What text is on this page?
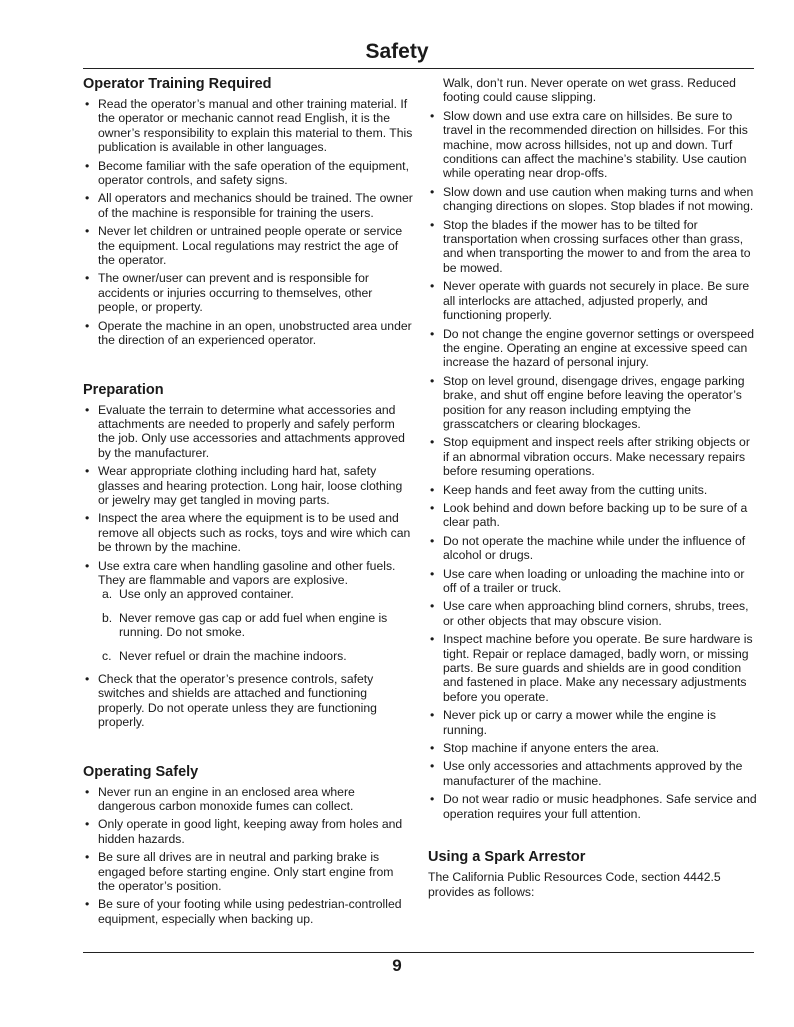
Safety
Operator Training Required
• Read the operator’s manual and other training material. If the operator or mechanic cannot read English, it is the owner’s responsibility to explain this material to them. This publication is available in other languages.
• Become familiar with the safe operation of the equipment, operator controls, and safety signs.
• All operators and mechanics should be trained. The owner of the machine is responsible for training the users.
• Never let children or untrained people operate or service the equipment. Local regulations may restrict the age of the operator.
• The owner/user can prevent and is responsible for accidents or injuries occurring to themselves, other people, or property.
• Operate the machine in an open, unobstructed area under the direction of an experienced operator.
Preparation
• Evaluate the terrain to determine what accessories and attachments are needed to properly and safely perform the job. Only use accessories and attachments approved by the manufacturer.
• Wear appropriate clothing including hard hat, safety glasses and hearing protection. Long hair, loose clothing or jewelry may get tangled in moving parts.
• Inspect the area where the equipment is to be used and remove all objects such as rocks, toys and wire which can be thrown by the machine.
• Use extra care when handling gasoline and other fuels. They are flammable and vapors are explosive.
a. Use only an approved container.
b. Never remove gas cap or add fuel when engine is running. Do not smoke.
c. Never refuel or drain the machine indoors.
• Check that the operator’s presence controls, safety switches and shields are attached and functioning properly. Do not operate unless they are functioning properly.
Operating Safely
• Never run an engine in an enclosed area where dangerous carbon monoxide fumes can collect.
• Only operate in good light, keeping away from holes and hidden hazards.
• Be sure all drives are in neutral and parking brake is engaged before starting engine. Only start engine from the operator’s position.
• Be sure of your footing while using pedestrian-controlled equipment, especially when backing up.

Walk, don’t run. Never operate on wet grass. Reduced footing could cause slipping.

• Slow down and use extra care on hillsides. Be sure to travel in the recommended direction on hillsides. For this machine, mow across hillsides, not up and down. Turf conditions can affect the machine’s stability. Use caution while operating near drop-offs.
• Slow down and use caution when making turns and when changing directions on slopes. Stop blades if not mowing.
• Stop the blades if the mower has to be tilted for transportation when crossing surfaces other than grass, and when transporting the mower to and from the area to be mowed.
• Never operate with guards not securely in place. Be sure all interlocks are attached, adjusted properly, and functioning properly.
• Do not change the engine governor settings or overspeed the engine. Operating an engine at excessive speed can increase the hazard of personal injury.
• Stop on level ground, disengage drives, engage parking brake, and shut off engine before leaving the operator’s position for any reason including emptying the grasscatchers or clearing blockages.
• Stop equipment and inspect reels after striking objects or if an abnormal vibration occurs. Make necessary repairs before resuming operations.
• Keep hands and feet away from the cutting units.
• Look behind and down before backing up to be sure of a clear path.
• Do not operate the machine while under the influence of alcohol or drugs.
• Use care when loading or unloading the machine into or off of a trailer or truck.
• Use care when approaching blind corners, shrubs, trees, or other objects that may obscure vision.
• Inspect machine before you operate. Be sure hardware is tight. Repair or replace damaged, badly worn, or missing parts. Be sure guards and shields are in good condition and fastened in place. Make any necessary adjustments before you operate.
• Never pick up or carry a mower while the engine is running.
• Stop machine if anyone enters the area.
• Use only accessories and attachments approved by the manufacturer of the machine.
• Do not wear radio or music headphones. Safe service and operation requires your full attention.
Using a Spark Arrestor

The California Public Resources Code, section 4442.5 provides as follows:

9
